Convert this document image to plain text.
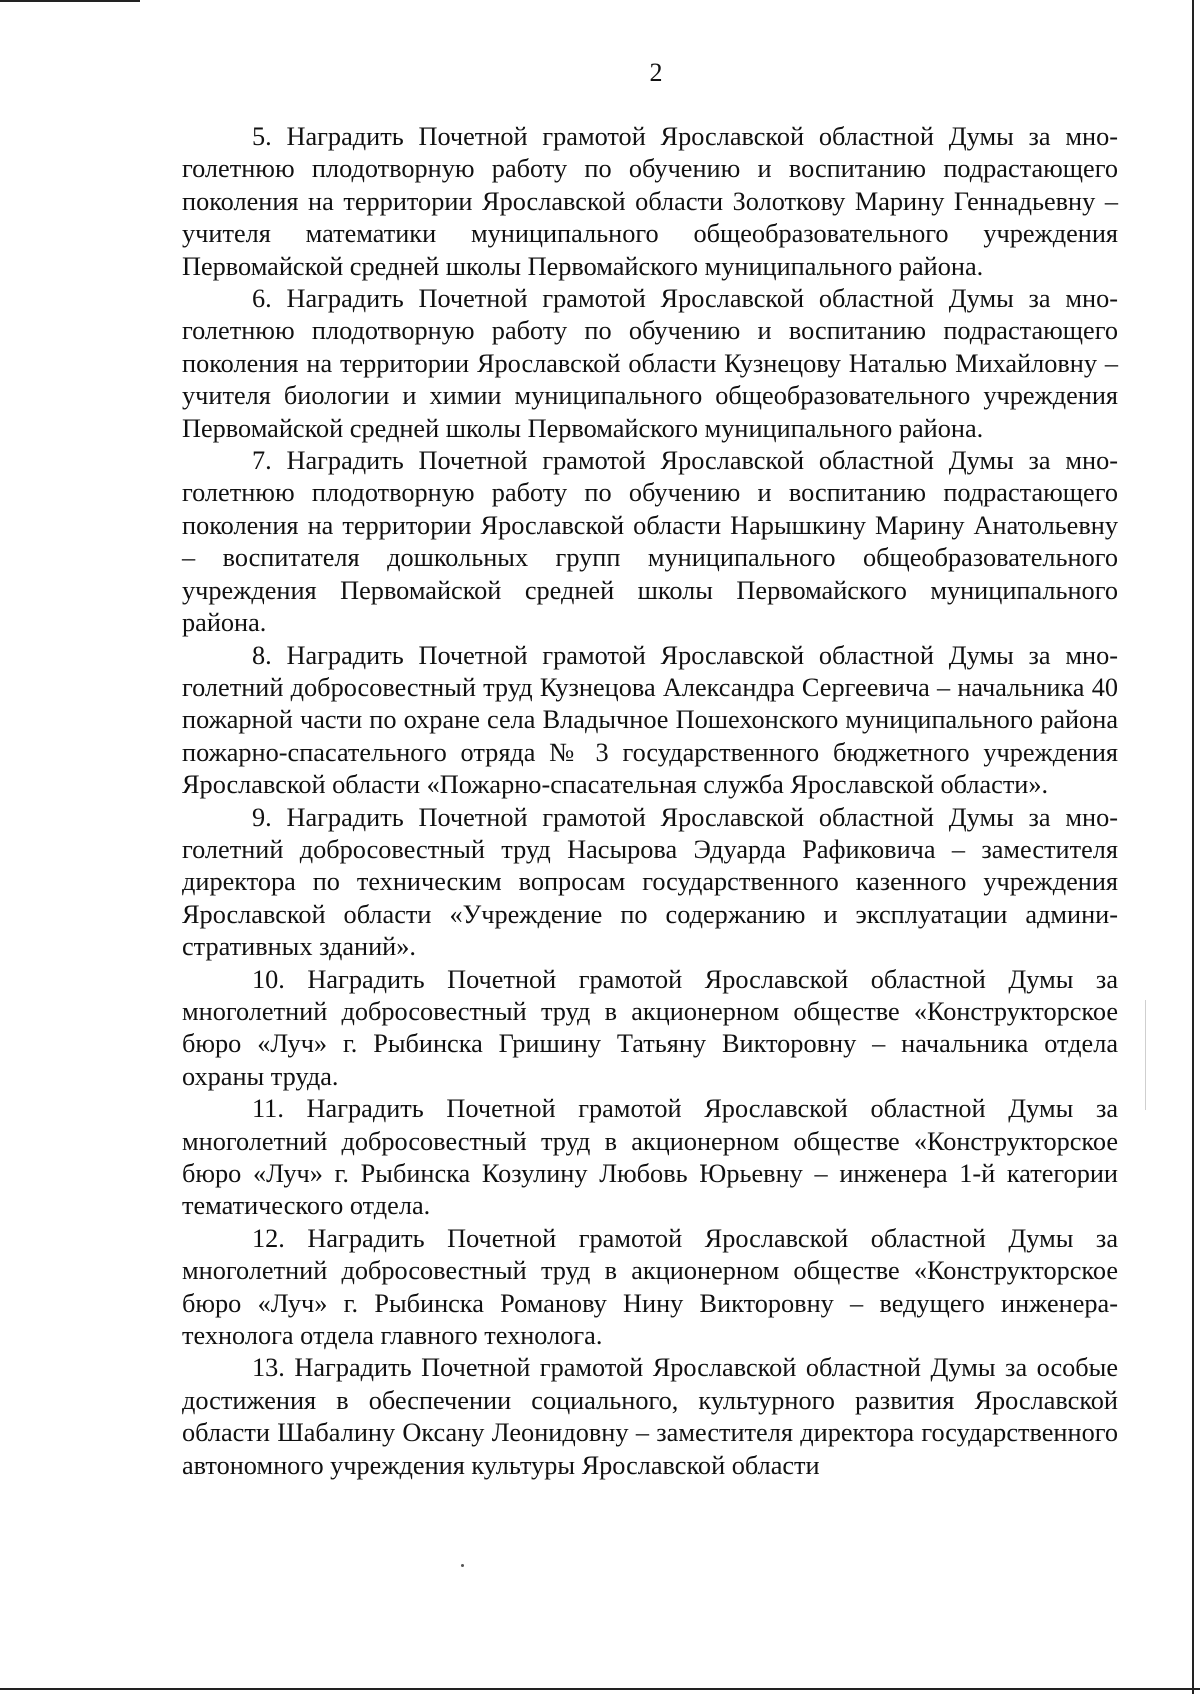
2

5. Наградить Почетной грамотой Ярославской областной Думы за многолетнюю плодотворную работу по обучению и воспитанию подрастающего поколения на территории Ярославской области Золоткову Марину Геннадьевну – учителя математики муниципального общеобразовательного учреждения Первомайской средней школы Первомайского муниципального района.

6. Наградить Почетной грамотой Ярославской областной Думы за многолетнюю плодотворную работу по обучению и воспитанию подрастающего поколения на территории Ярославской области Кузнецову Наталью Михайловну – учителя биологии и химии муниципального общеобразовательного учреждения Первомайской средней школы Первомайского муниципального района.

7. Наградить Почетной грамотой Ярославской областной Думы за многолетнюю плодотворную работу по обучению и воспитанию подрастающего поколения на территории Ярославской области Нарышкину Марину Анатольевну – воспитателя дошкольных групп муниципального общеобразовательного учреждения Первомайской средней школы Первомайского муниципального района.

8. Наградить Почетной грамотой Ярославской областной Думы за многолетний добросовестный труд Кузнецова Александра Сергеевича – начальника 40 пожарной части по охране села Владычное Пошехонского муниципального района пожарно-спасательного отряда № 3 государственного бюджетного учреждения Ярославской области «Пожарно-спасательная служба Ярославской области».

9. Наградить Почетной грамотой Ярославской областной Думы за многолетний добросовестный труд Насырова Эдуарда Рафиковича – заместителя директора по техническим вопросам государственного казенного учреждения Ярославской области «Учреждение по содержанию и эксплуатации административных зданий».

10. Наградить Почетной грамотой Ярославской областной Думы за многолетний добросовестный труд в акционерном обществе «Конструкторское бюро «Луч» г. Рыбинска Гришину Татьяну Викторовну – начальника отдела охраны труда.

11. Наградить Почетной грамотой Ярославской областной Думы за многолетний добросовестный труд в акционерном обществе «Конструкторское бюро «Луч» г. Рыбинска Козулину Любовь Юрьевну – инженера 1-й категории тематического отдела.

12. Наградить Почетной грамотой Ярославской областной Думы за многолетний добросовестный труд в акционерном обществе «Конструкторское бюро «Луч» г. Рыбинска Романову Нину Викторовну – ведущего инженера-технолога отдела главного технолога.

13. Наградить Почетной грамотой Ярославской областной Думы за особые достижения в обеспечении социального, культурного развития Ярославской области Шабалину Оксану Леонидовну – заместителя директора государственного автономного учреждения культуры Ярославской области
